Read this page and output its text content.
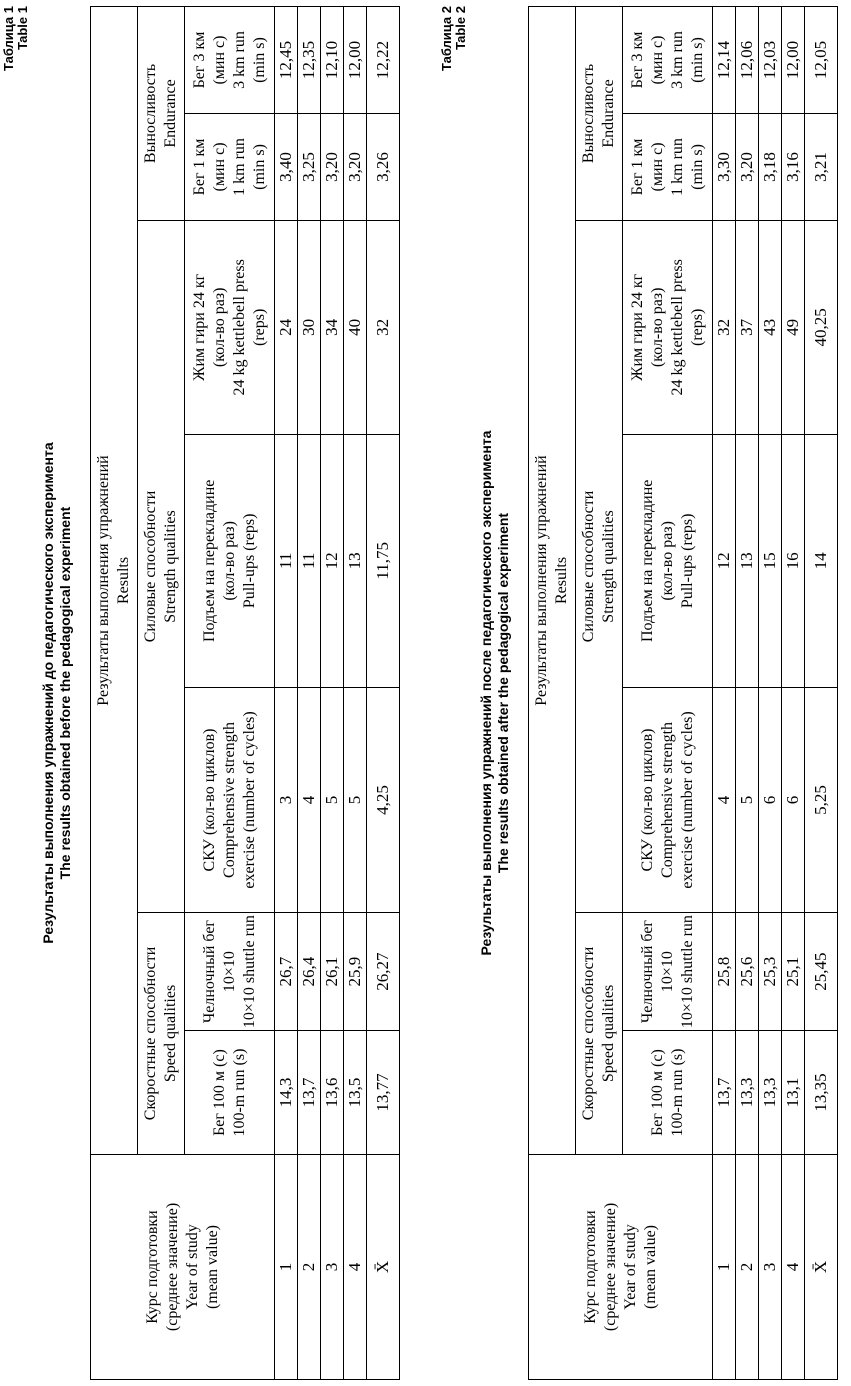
Таблица 1 Table 1
Результаты выполнения упражнений до педагогического эксперимента The results obtained before the pedagogical experiment
Курс подготовки (среднее значение) Year of study (mean value)	Результаты выполнения упражнений Results						

	Скоростные способности Speed qualities		Силовые способности Strength qualities			Выносливость Endurance	

	Бег 100 м (с) 100-m run (s)	Челночный бег 10×10 10×10 shuttle run	СКУ (кол-во циклов) Comprehensive strength exercise (number of cycles)	Подъем на перекладине (кол-во раз) Pull-ups (reps)	Жим гири 24 кг (кол-во раз) 24 kg kettlebell press (reps)	Бег 1 км (мин с) 1 km run (min s)	Бег 3 км (мин с) 3 km run (min s)

1	14,3	26,7	3	11	24	3,40	12,45
2	13,7	26,4	4	11	30	3,25	12,35
3	13,6	26,1	5	12	34	3,20	12,10
4	13,5	25,9	5	13	40	3,20	12,00
X̄	13,77	26,27	4,25	11,75	32	3,26	12,22	Таблица 2 Table 2
Результаты выполнения упражнений после педагогического эксперимента The results obtained after the pedagogical experiment
Курс подготовки (среднее значение) Year of study (mean value)	Результаты выполнения упражнений Results						

	Скоростные способности Speed qualities		Силовые способности Strength qualities			Выносливость Endurance	

	Бег 100 м (с) 100-m run (s)	Челночный бег 10×10 10×10 shuttle run	СКУ (кол-во циклов) Comprehensive strength exercise (number of cycles)	Подъем на перекладине (кол-во раз) Pull-ups (reps)	Жим гири 24 кг (кол-во раз) 24 kg kettlebell press (reps)	Бег 1 км (мин с) 1 km run (min s)	Бег 3 км (мин с) 3 km run (min s)

1	13,7	25,8	4	12	32	3,30	12,14
2	13,3	25,6	5	13	37	3,20	12,06
3	13,3	25,3	6	15	43	3,18	12,03
4	13,1	25,1	6	16	49	3,16	12,00
X̄	13,35	25,45	5,25	14	40,25	3,21	12,05
